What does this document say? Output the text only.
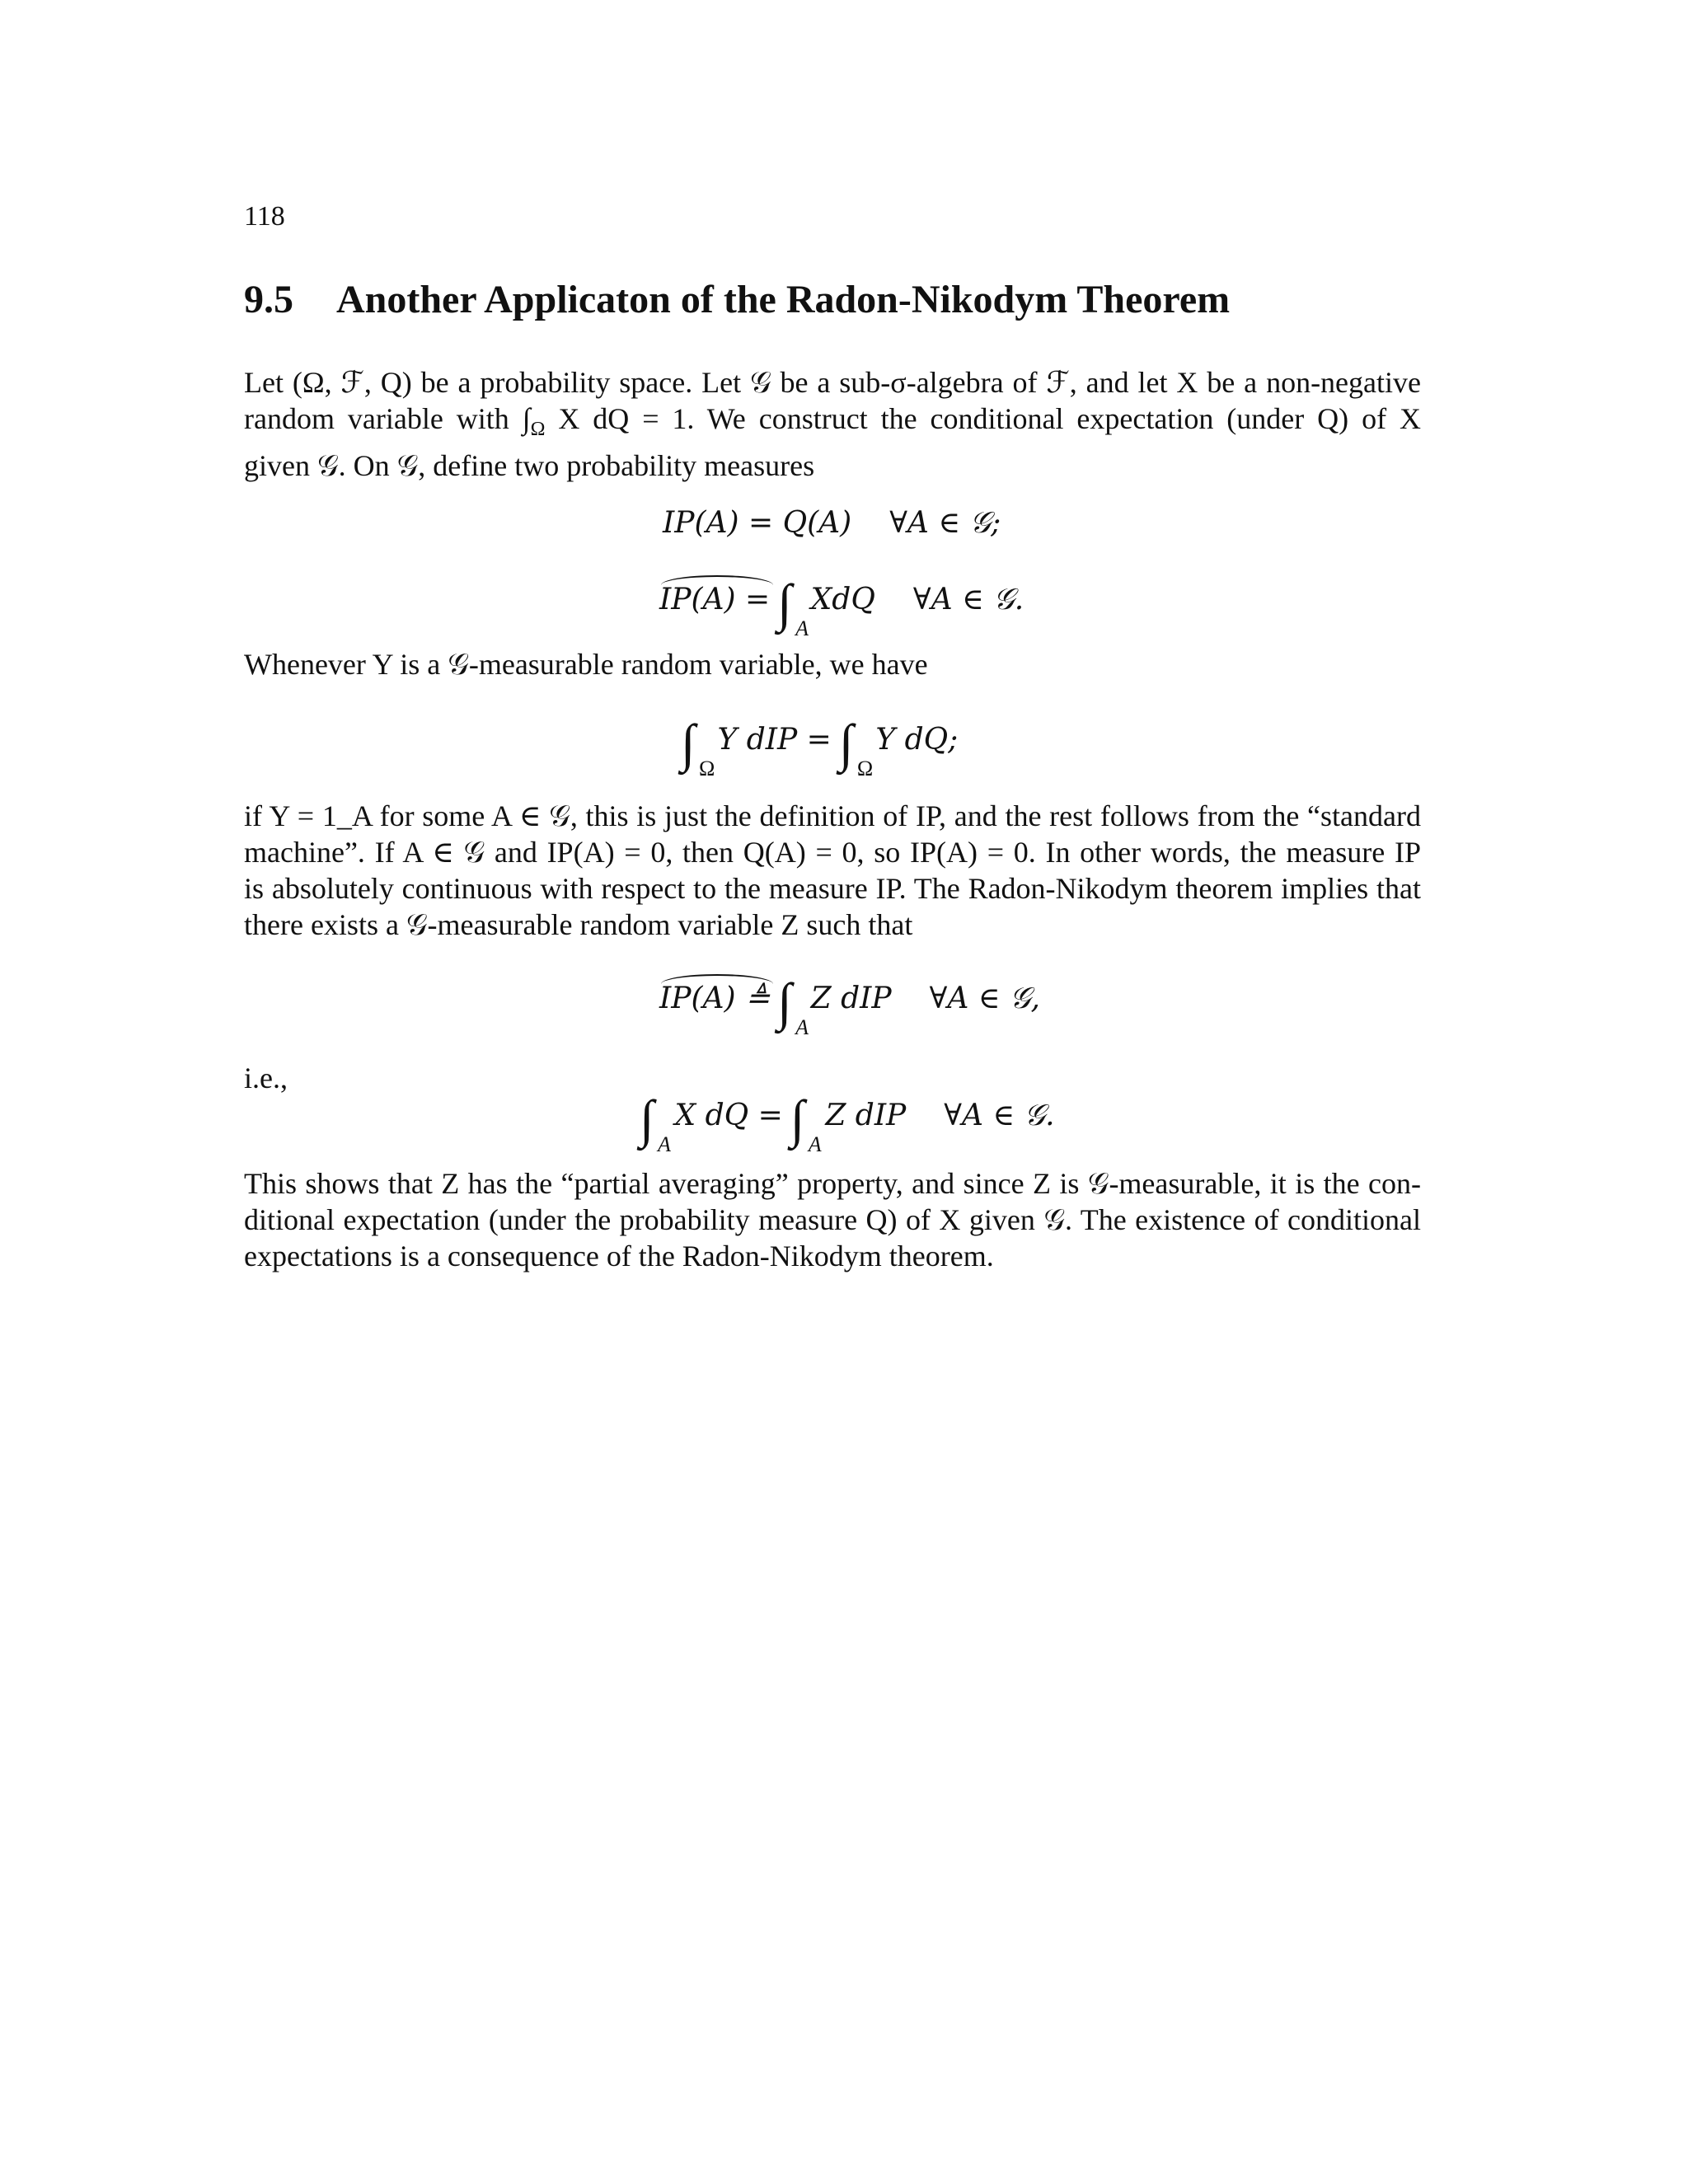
118
9.5 Another Applicaton of the Radon-Nikodym Theorem
Let (Ω, ℱ, Q) be a probability space. Let 𝒢 be a sub-σ-algebra of ℱ, and let X be a non-negative
random variable with $\int_\Omega$ X dQ = 1. We construct the conditional expectation (under Q) of X
given 𝒢. On 𝒢, define two probability measures
IP(A) = Q(A) ∀A ∈ 𝒢;
IP(A) = ∫ A
XdQ ∀A ∈ 𝒢.
Whenever Y is a 𝒢-measurable random variable, we have
∫ Ω
Y dIP = ∫ Ω
Y dQ;
if Y = 1_A for some A ∈ 𝒢, this is just the definition of IP, and the rest follows from the “standard
machine”. If A ∈ 𝒢 and IP(A) = 0, then Q(A) = 0, so IP(A) = 0. In other words, the measure IP
is absolutely continuous with respect to the measure IP. The Radon-Nikodym theorem implies that
there exists a 𝒢-measurable random variable Z such that
IP(A) ≜ ∫ A
Z dIP ∀A ∈ 𝒢,
i.e.,
∫ A
X dQ = ∫ A
Z dIP ∀A ∈ 𝒢.
This shows that Z has the “partial averaging” property, and since Z is 𝒢-measurable, it is the con-
ditional expectation (under the probability measure Q) of X given 𝒢. The existence of conditional
expectations is a consequence of the Radon-Nikodym theorem.
